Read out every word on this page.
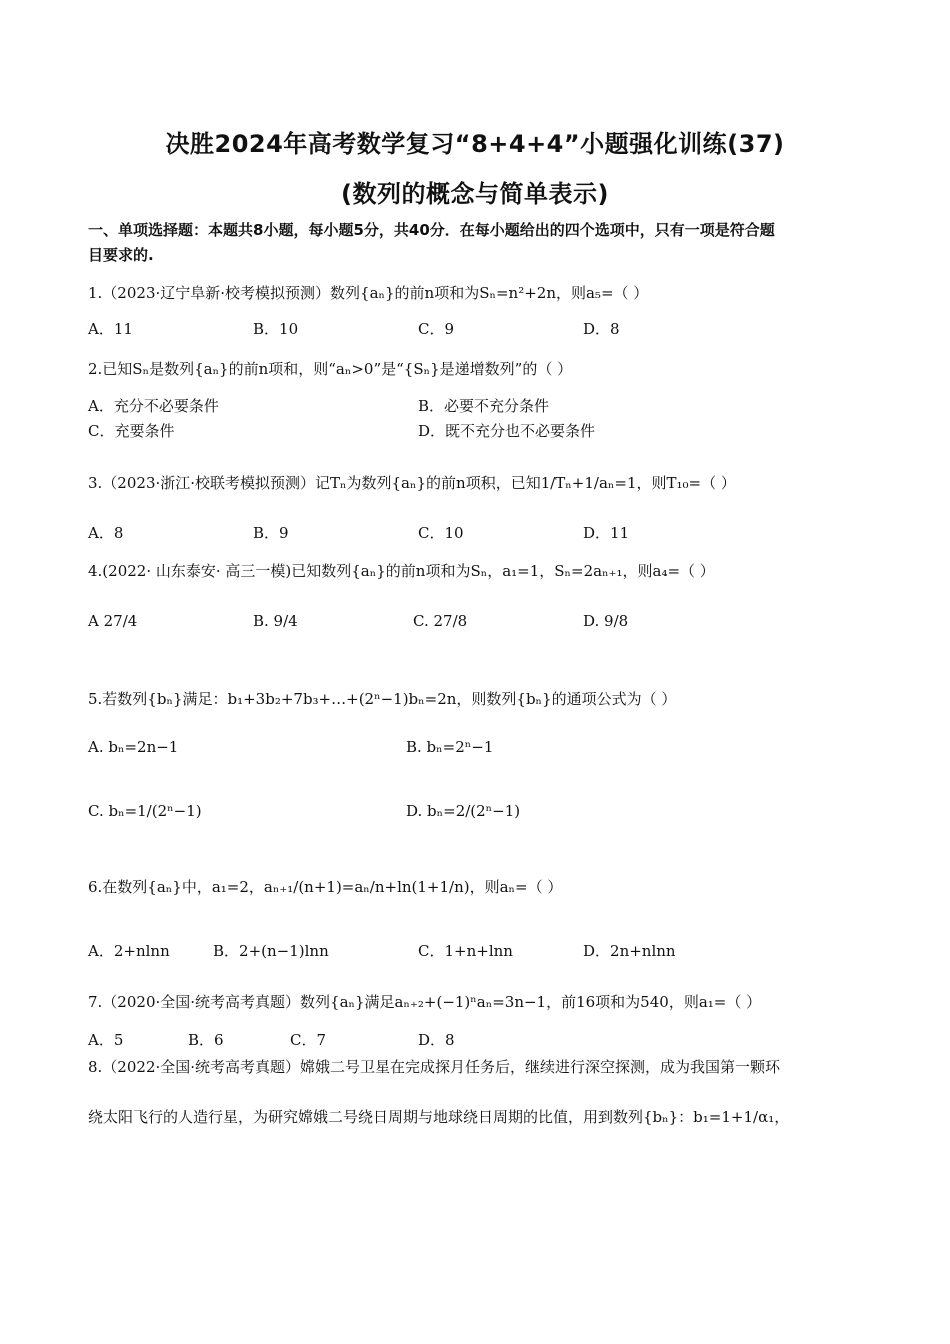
决胜2024年高考数学复习“8+4+4”小题强化训练(37)
(数列的概念与简单表示)
一、单项选择题：本题共8小题，每小题5分，共40分．在每小题给出的四个选项中，只有一项是符合题
目要求的.
1.（2023·辽宁阜新·校考模拟预测）数列{aₙ}的前n项和为Sₙ=n²+2n，则a₅=（ ）
A．11	B．10	C．9	D．8
2.已知Sₙ是数列{aₙ}的前n项和，则“aₙ>0”是“{Sₙ}是递增数列”的（ ）
A．充分不必要条件	B．必要不充分条件
C．充要条件	D．既不充分也不必要条件
3.（2023·浙江·校联考模拟预测）记Tₙ为数列{aₙ}的前n项积，已知1/Tₙ+1/aₙ=1，则T₁₀=（ ）
A．8	B．9	C．10	D．11
4.(2022· 山东泰安· 高三一模)已知数列{aₙ}的前n项和为Sₙ，a₁=1，Sₙ=2aₙ₊₁，则a₄=（ ）
A 27/4	B. 9/4	C. 27/8	D. 9/8
5.若数列{bₙ}满足：b₁+3b₂+7b₃+…+(2ⁿ−1)bₙ=2n，则数列{bₙ}的通项公式为（ ）
A. bₙ=2n−1	B. bₙ=2ⁿ−1
C. bₙ=1/(2ⁿ−1)	D. bₙ=2/(2ⁿ−1)
6.在数列{aₙ}中，a₁=2，aₙ₊₁/(n+1)=aₙ/n+ln(1+1/n)，则aₙ=（ ）
A．2+nlnn	B．2+(n−1)lnn	C．1+n+lnn	D．2n+nlnn
7.（2020·全国·统考高考真题）数列{aₙ}满足aₙ₊₂+(−1)ⁿaₙ=3n−1，前16项和为540，则a₁=（ ）
A．5	B．6	C．7	D．8
8.（2022·全国·统考高考真题）嫦娥二号卫星在完成探月任务后，继续进行深空探测，成为我国第一颗环
绕太阳飞行的人造行星，为研究嫦娥二号绕日周期与地球绕日周期的比值，用到数列{bₙ}：b₁=1+1/α₁，
